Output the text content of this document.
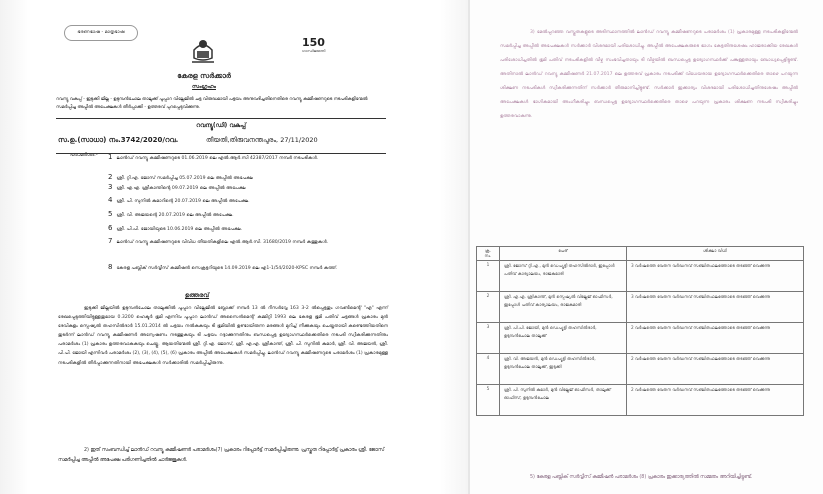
ഭരണഭാഷ - മാതൃഭാഷ
150
ഗാന്ധിജയന്തി
കേരള സർക്കാർ
സംഗ്രഹം
റവന്യൂ വകുപ്പ് - ഇടുക്കി ജില്ല - ഉടുമ്പൻചോല താലൂക്ക് പൂപ്പാറ വില്ലേജിൽ ചട്ട വിരുദ്ധമായി പട്ടയം അനുവദിച്ചതിനെതിരെ റവന്യൂ കമ്മീഷണറുടെ നടപടികളിന്മേൽ സമർപ്പിച്ച അപ്പീൽ അപേക്ഷകൾ തീർപ്പാക്കി - ഉത്തരവ് പുറപ്പെടുവിക്കുന്നു.
റവന്യൂ(ഡി) വകുപ്പ്
സ.ഉ.(സാധാ) നം.3742/2020/റവ.	തീയതി,തിരുവനന്തപുരം, 27/11/2020
പരാമർശം:- 1 ലാൻഡ് റവന്യൂ കമ്മീഷണറുടെ 01.06.2019 ലെ എൽ.ആർ.സി 42387/2017 നമ്പർ നടപടികൾ.
2 ശ്രീ. റ്റി.എ. ജോസ് സമർപ്പിച്ച 05.07.2019 ലെ അപ്പീൽ അപേക്ഷ
3 ശ്രീ. എ.എ. ശ്രീകാന്തിന്റെ 09.07.2019 ലെ അപ്പീൽ അപേക്ഷ
4 ശ്രീ. പി. സുനിൽ കുമാറിന്റെ 20.07.2019 ലെ അപ്പീൽ അപേക്ഷ.
5 ശ്രീ. വി. അജയന്റെ 20.07.2019 ലെ അപ്പീൽ അപേക്ഷ.
6 ശ്രീ. പി.പി. ജോയിയുടെ 10.06.2019 ലെ അപ്പീൽ അപേക്ഷ.
7 ലാൻഡ് റവന്യൂ കമ്മീഷണറുടെ വിവിധ തീയതികളിലെ എൽ.ആർ.സി. 31680/2019 നമ്പർ കത്തുകൾ.
8 കേരള പബ്ലിക് സർവ്വീസ് കമ്മീഷൻ സെക്രട്ടറിയുടെ 14.09.2019 ലെ എ1-1/54/2020-KPSC നമ്പർ കത്ത്.
ഉത്തരവ്
ഇടുക്കി ജില്ലയിൽ ഉടുമ്പൻചോല താലൂക്കിൽ പൂപ്പാറ വില്ലേജിൽ ബ്ലോക്ക് നമ്പർ 13 ൽ റീസർവ്വേ 163 3-2 ൽപ്പെട്ടതും ഗവൺമെന്റ് "എ" എന്ന് രേഖപ്പെടുത്തിയിട്ടുള്ളതുമായ 0.3200 ഹെക്ടർ ഭൂമി എന്നിവ പൂപ്പാറ ലാൻഡ് അസൈൻമെന്റ് കമ്മിറ്റി 1993 ലെ കേരള ഭൂമി പതിവ് ചട്ടങ്ങൾ പ്രകാരം മുൻ ദേവികുളം സ്പെഷ്യൽ തഹസിൽദാർ 15.01.2014 ൽ പട്ടയം നൽകുകയും ടി ഭൂമിയിൽ ഉണ്ടായിരുന്ന മരങ്ങൾ മുറിച്ച് നീക്കുകയും ചെയ്തതായി കണ്ടെത്തിയതിനെ തുടർന്ന് ലാൻഡ് റവന്യൂ കമ്മീഷണർ അന്വേഷണം നടത്തുകയും ടി പട്ടയം റദ്ദാക്കുന്നതിനും ബന്ധപ്പെട്ട ഉദ്യോഗസ്ഥർക്കെതിരെ നടപടി സ്വീകരിക്കുന്നതിനും പരാമർശം (1) പ്രകാരം ഉത്തരവാകുകയും ചെയ്തു. ആയതിന്മേൽ ശ്രീ. റ്റി.എ. ജോസ്, ശ്രീ. എ.എ. ശ്രീകാന്ത്, ശ്രീ. പി. സുനിൽ കുമാർ, ശ്രീ. വി. അജയൻ, ശ്രീ. പി.പി. ജോയി എന്നിവർ പരാമർശം (2), (3), (4), (5), (6) പ്രകാരം അപ്പീൽ അപേക്ഷകൾ സമർപ്പിച്ചു. ലാൻഡ് റവന്യൂ കമ്മീഷണറുടെ പരാമർശം (1) പ്രകാരമുള്ള നടപടികളിൽ തീർപ്പാക്കുന്നതിനായി അപേക്ഷകൾ സർക്കാരിൽ സമർപ്പിച്ചിരുന്നു.
2) ഇത് സംബന്ധിച്ച് ലാൻഡ് റവന്യൂ കമ്മീഷണർ പരാമർശം(7) പ്രകാരം റിപ്പോർട്ട് സമർപ്പിച്ചിരുന്നു. പ്രസ്തുത റിപ്പോർട്ട് പ്രകാരം ശ്രീ. ജോസ് സമർപ്പിച്ച അപ്പീൽ അപേക്ഷ പരിഗണിച്ചതിൽ ചാർജ്ജുകൾ.
3) മേൽപ്പറഞ്ഞ വസ്തുതകളുടെ അടിസ്ഥാനത്തിൽ ലാൻഡ് റവന്യൂ കമ്മീഷണറുടെ പരാമർശം (1) പ്രകാരമുള്ള നടപടികളിന്മേൽ സമർപ്പിച്ച അപ്പീൽ അപേക്ഷകൾ സർക്കാർ വിശദമായി പരിശോധിച്ചു. അപ്പീൽ അപേക്ഷകരുടെ ഭാഗം കേട്ടതിനുശേഷം ഹാജരാക്കിയ രേഖകൾ പരിശോധിച്ചതിൽ ഭൂമി പതിവ് നടപടികളിൽ വീഴ്ച സംഭവിച്ചതായും ടി വീഴ്ചയിൽ ബന്ധപ്പെട്ട ഉദ്യോഗസ്ഥർക്ക് പങ്കുള്ളതായും ബോധ്യപ്പെട്ടിട്ടുണ്ട്. അതിനാൽ ലാൻഡ് റവന്യൂ കമ്മീഷണർ 21.07.2017 ലെ ഉത്തരവ് പ്രകാരം നടപടിക്ക് വിധേയരായ ഉദ്യോഗസ്ഥർക്കെതിരെ താഴെ പറയുന്ന ശിക്ഷണ നടപടികൾ സ്വീകരിക്കുന്നതിന് സർക്കാർ തീരുമാനിച്ചിട്ടുണ്ട്. സർക്കാർ ഇക്കാര്യം വിശദമായി പരിശോധിച്ചതിനുശേഷം അപ്പീൽ അപേക്ഷകൾ ഭാഗികമായി അംഗീകരിച്ചും ബന്ധപ്പെട്ട ഉദ്യോഗസ്ഥർക്കെതിരെ താഴെ പറയുന്ന പ്രകാരം ശിക്ഷണ നടപടി സ്വീകരിച്ചും ഉത്തരവാകുന്നു.
ക്ര. നം.	പേര്	ശിക്ഷാ വിധി
1	ശ്രീ. ജോസ് റ്റി.എ., മുൻ ഡെപ്യൂട്ടി തഹസിൽദാർ, ഇപ്പോൾ പതിവ് കാര്യാലയം, രാജകുമാരി	3 വർഷത്തെ വേതന വർദ്ധനവ് സഞ്ചിതഫലത്തോടെ തടഞ്ഞ് വെക്കുന്നു
2	ശ്രീ. എ.എ. ശ്രീകാന്ത്, മുൻ സ്പെഷ്യൽ വില്ലേജ് ഓഫീസർ, ഇപ്പോൾ പതിവ് കാര്യാലയം, രാജകുമാരി	3 വർഷത്തെ വേതന വർദ്ധനവ് സഞ്ചിതഫലത്തോടെ തടഞ്ഞ് വെക്കുന്നു
3	ശ്രീ. പി.പി. ജോയി, മുൻ ഡെപ്യൂട്ടി തഹസിൽദാർ, ഉടുമ്പൻചോല താലൂക്ക്	2 വർഷത്തെ വേതന വർദ്ധനവ് സഞ്ചിതഫലത്തോടെ തടഞ്ഞ് വെക്കുന്നു
4	ശ്രീ. വി. അജയൻ, മുൻ ഡെപ്യൂട്ടി തഹസിൽദാർ, ഉടുമ്പൻചോല താലൂക്ക്, ഇടുക്കി	2 വർഷത്തെ വേതന വർദ്ധനവ് സഞ്ചിതഫലത്തോടെ തടഞ്ഞ് വെക്കുന്നു
5	ശ്രീ. പി. സുനിൽ കുമാർ, മുൻ വില്ലേജ് ഓഫീസർ, താലൂക്ക് ഓഫീസ്, ഉടുമ്പൻചോല	2 വർഷത്തെ വേതന വർദ്ധനവ് സഞ്ചിതഫലത്തോടെ തടഞ്ഞ് വെക്കുന്നു
5) കേരള പബ്ലിക് സർവ്വീസ് കമ്മീഷൻ പരാമർശം (8) പ്രകാരം ഇക്കാര്യത്തിൽ സമ്മതം അറിയിച്ചിട്ടുണ്ട്.
